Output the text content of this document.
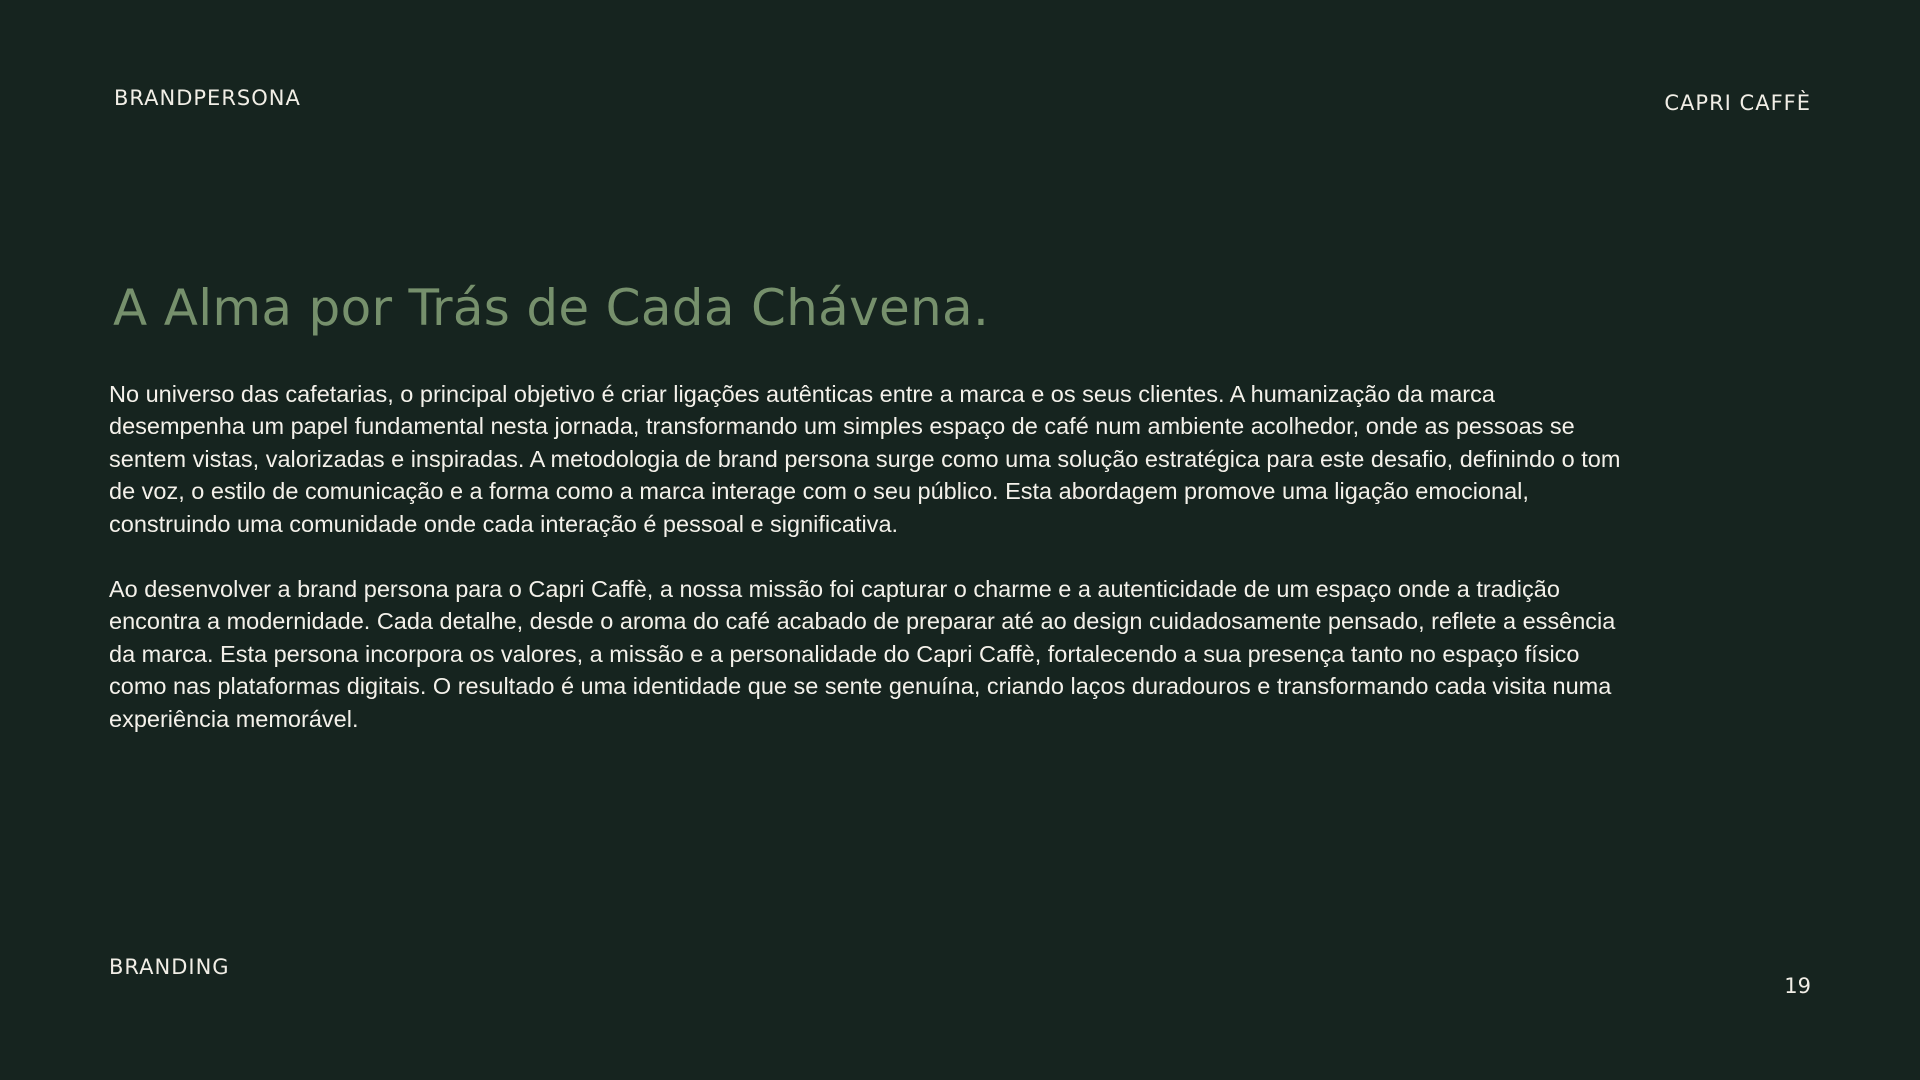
BRANDPERSONA	CAPRI CAFFÈ
A Alma por Trás de Cada Chávena.

No universo das cafetarias, o principal objetivo é criar ligações autênticas entre a marca e os seus clientes. A humanização da marca desempenha um papel fundamental nesta jornada, transformando um simples espaço de café num ambiente acolhedor, onde as pessoas se sentem vistas, valorizadas e inspiradas. A metodologia de brand persona surge como uma solução estratégica para este desafio, definindo o tom de voz, o estilo de comunicação e a forma como a marca interage com o seu público. Esta abordagem promove uma ligação emocional, construindo uma comunidade onde cada interação é pessoal e significativa.

Ao desenvolver a brand persona para o Capri Caffè, a nossa missão foi capturar o charme e a autenticidade de um espaço onde a tradição encontra a modernidade. Cada detalhe, desde o aroma do café acabado de preparar até ao design cuidadosamente pensado, reflete a essência da marca. Esta persona incorpora os valores, a missão e a personalidade do Capri Caffè, fortalecendo a sua presença tanto no espaço físico como nas plataformas digitais. O resultado é uma identidade que se sente genuína, criando laços duradouros e transformando cada visita numa experiência memorável.

BRANDING
19
